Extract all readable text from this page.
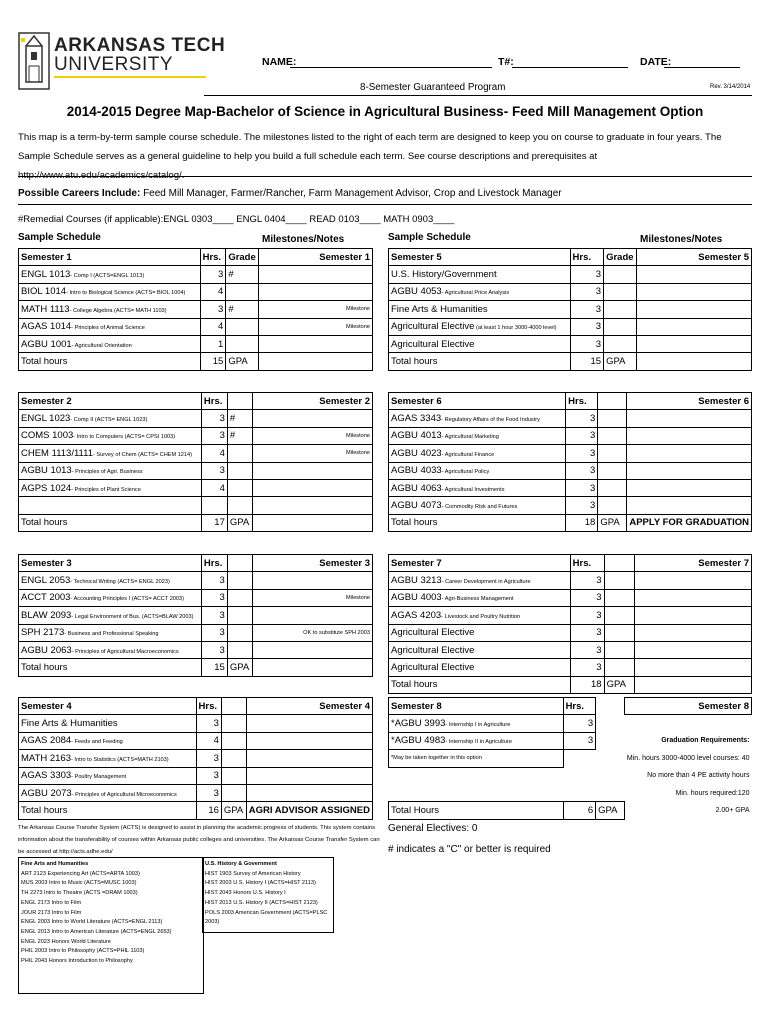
ARKANSAS TECH
UNIVERSITY	NAME:	T#:	DATE:
8-Semester Guaranteed Program	Rev. 3/14/2014
2014-2015 Degree Map-Bachelor of Science in Agricultural Business- Feed Mill Management Option
This map is a term-by-term sample course schedule. The milestones listed to the right of each term are designed to keep you on course to graduate in four years. The Sample Schedule serves as a general guideline to help you build a full schedule each term. See course descriptions and prerequisites at http://www.atu.edu/academics/catalog/.
Possible Careers Include: Feed Mill Manager, Farmer/Rancher, Farm Management Advisor, Crop and Livestock Manager
#Remedial Courses (if applicable):ENGL 0303____ ENGL 0404____ READ 0103____ MATH 0903____
Sample Schedule	Milestones/Notes	Sample Schedule	Milestones/Notes
Semester 1	Hrs.	Grade	Semester 1
ENGL 1013- Comp I (ACTS=ENGL 1013)	3	#	
BIOL 1014- Intro to Biological Science (ACTS= BIOL 1004)	4		
MATH 1113- College Algebra (ACTS= MATH 1103)	3	#	Milestone
AGAS 1014- Principles of Animal Science	4		Milestone
AGBU 1001- Agricultural Orientation	1		
Total hours	15	GPA	
Semester 5	Hrs.	Grade	Semester 5
U.S. History/Government	3		
AGBU 4053- Agricultural Price Analysis	3		
Fine Arts & Humanities	3		
Agricultural Elective (at least 1 hour 3000-4000 level)	3		
Agricultural Elective	3		
Total hours	15	GPA	
Semester 2	Hrs.		Semester 2
ENGL 1023- Comp II (ACTS= ENGL 1023)	3	#	
COMS 1003- Intro to Computers (ACTS= CPSI 1003)	3	#	Milestone
CHEM 1113/1111- Survey of Chem (ACTS= CHEM 1214)	4		Milestone
AGBU 1013- Principles of Agri. Business	3		
AGPS 1024- Principles of Plant Science	4		

Total hours	17	GPA	
Semester 6	Hrs.		Semester 6
AGAS 3343- Regulatory Affairs of the Food Industry	3		
AGBU 4013- Agricultural Marketing	3		
AGBU 4023- Agricultural Finance	3		
AGBU 4033- Agricultural Policy	3		
AGBU 4063- Agricultural Investments	3		
AGBU 4073- Commodity Risk and Futures	3		
Total hours	18	GPA	APPLY FOR GRADUATION
Semester 3	Hrs.		Semester 3
ENGL 2053- Technical Writing (ACTS= ENGL 2023)	3		
ACCT 2003- Accounting Principles I (ACTS= ACCT 2003)	3		Milestone
BLAW 2093- Legal Environment of Bus. (ACTS=BLAW 2003)	3		
SPH 2173- Business and Professional Speaking	3		OK to substitute SPH 2003
AGBU 2063- Principles of Agricultural Macroeconomics	3		
Total hours	15	GPA	
Semester 7	Hrs.		Semester 7
AGBU 3213- Career Development in Agriculture	3		
AGBU 4003- Agri-Business Management	3		
AGAS 4203- Livestock and Poultry Nutrition	3		
Agricultural Elective	3		
Agricultural Elective	3		
Agricultural Elective	3		
Total hours	18	GPA	
Semester 4	Hrs.		Semester 4
Fine Arts & Humanities	3		
AGAS 2084- Feeds and Feeding	4		
MATH 2163- Intro to Statistics (ACTS=MATH 2103)	3		
AGAS 3303- Poultry Management	3		
AGBU 2073- Principles of Agricultural Microeconomics	3		
Total hours	16	GPA	AGRI ADVISOR ASSIGNED
Semester 8	Hrs.		Semester 8
*AGBU 3993- Internship I in Agriculture	3		
*AGBU 4983- Internship II in Agriculture	3		Graduation Requirements:
*May be taken together in this option			Min. hours 3000-4000 level courses: 40
			No more than 4 PE activity hours
			Min. hours required:120
Total Hours	6	GPA	2.00+ GPA
The Arkansas Course Transfer System (ACTS) is designed to assist in planning the academic progress of students. This system contains information about the transferability of courses within Arkansas public colleges and universities. The Arkansas Course Transfer System can be accessed at http://acts.adhe.edu/
General Electives: 0
# indicates a "C" or better is required
Fine Arts and Humanities
ART 2123 Experiencing Art (ACTS=ARTA 1003)
MUS 2003 Intro to Music (ACTS=MUSC 1003)
TH 2273 Intro to Theatre (ACTS =DRAM 1003)
ENGL 2173 Intro to Film
JOUR 2173 Intro to Film
ENGL 2003 Intro to World Literature (ACTS=ENGL 2113)
ENGL 2013 Intro to American Literature (ACTS=ENGL 2653)
ENGL 2023 Honors World Literature
PHIL 2003 Intro to Philosophy (ACTS=PHIL 1103)
PHIL 2043 Honors Introduction to Philosophy
U.S. History & Government
HIST 1903 Survey of American History
HIST 2003 U.S. History I (ACTS=HIST 2113)
HIST 2043 Honors U.S. History I
HIST 2013 U.S. History II (ACTS=HIST 2123)
POLS 2003 American Government (ACTS=PLSC 2003)
